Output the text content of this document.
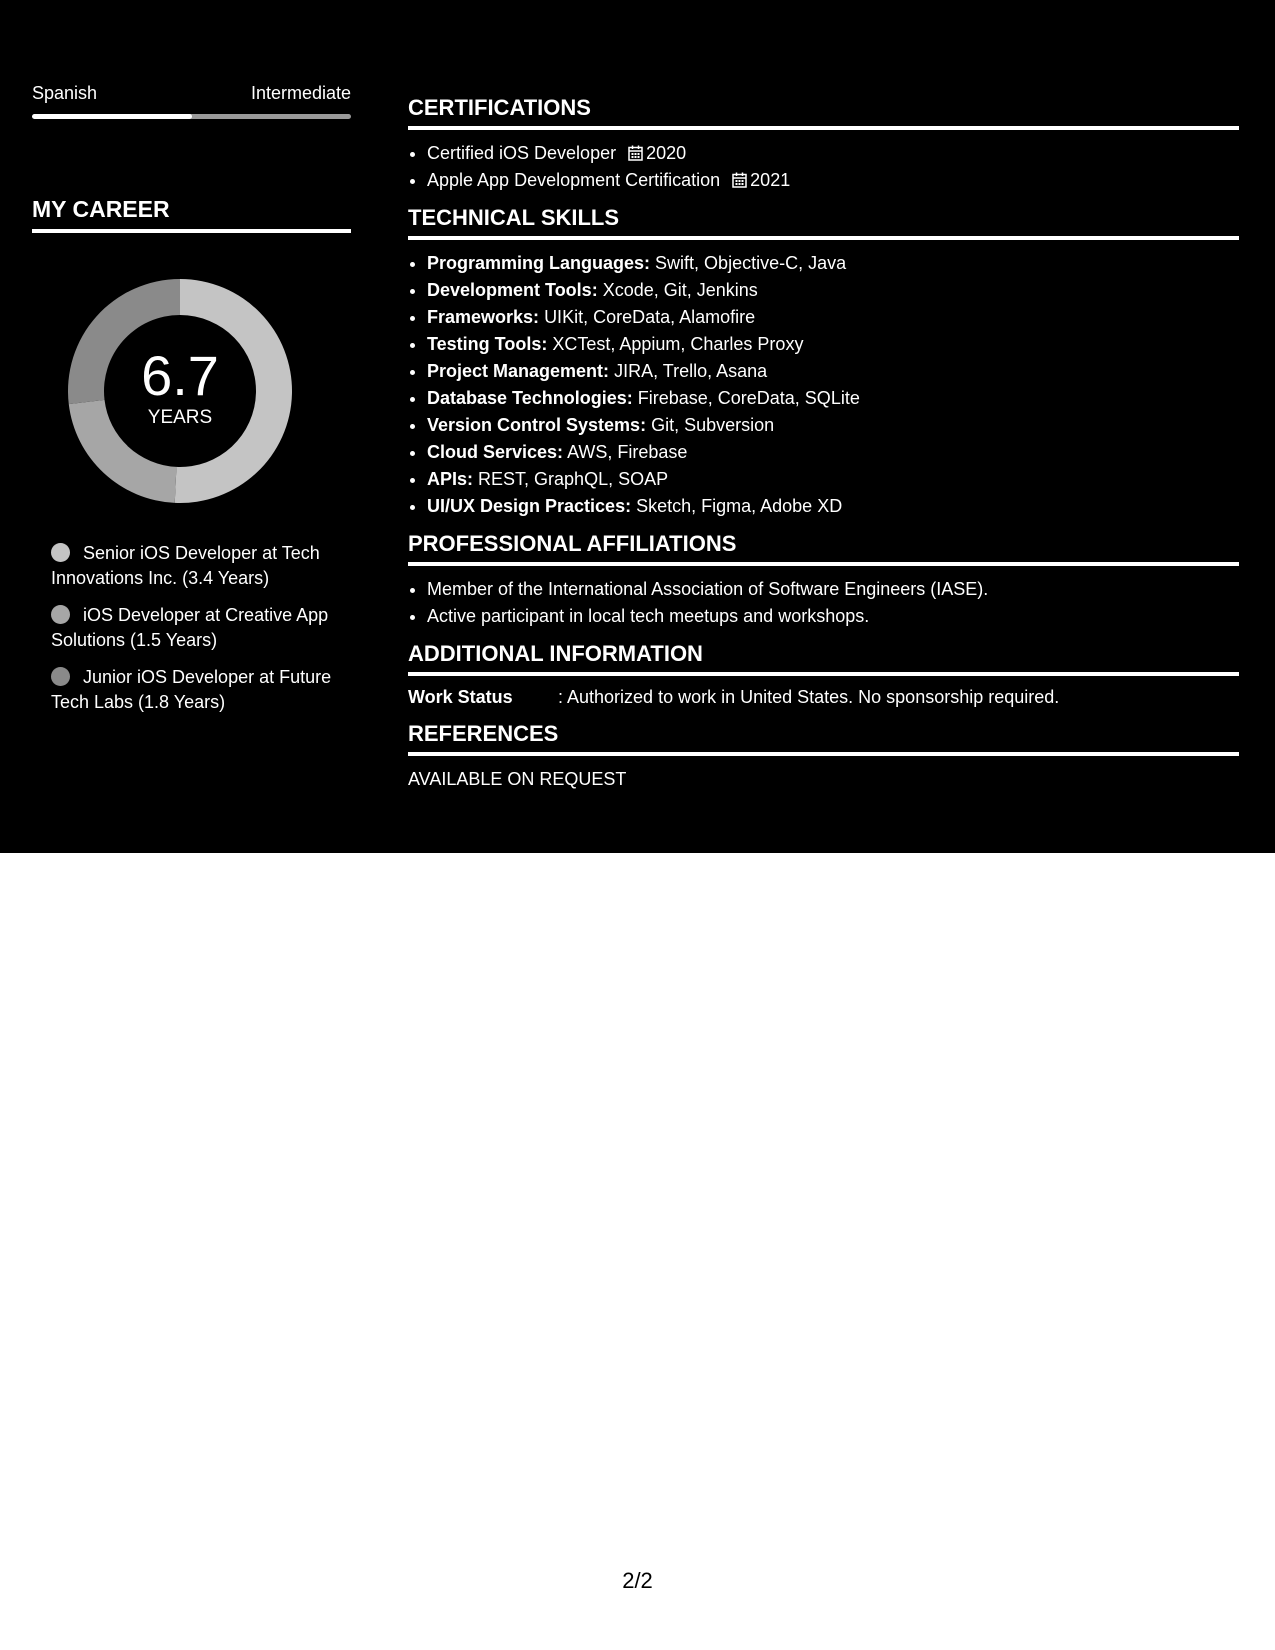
Spanish	Intermediate
MY CAREER
6.7
YEARS
Senior iOS Developer at Tech Innovations Inc. (3.4 Years)
iOS Developer at Creative App Solutions (1.5 Years)
Junior iOS Developer at Future Tech Labs (1.8 Years)
CERTIFICATIONS
• Certified iOS Developer 2020
• Apple App Development Certification 2021
TECHNICAL SKILLS
• Programming Languages: Swift, Objective-C, Java
• Development Tools: Xcode, Git, Jenkins
• Frameworks: UIKit, CoreData, Alamofire
• Testing Tools: XCTest, Appium, Charles Proxy
• Project Management: JIRA, Trello, Asana
• Database Technologies: Firebase, CoreData, SQLite
• Version Control Systems: Git, Subversion
• Cloud Services: AWS, Firebase
• APIs: REST, GraphQL, SOAP
• UI/UX Design Practices: Sketch, Figma, Adobe XD
PROFESSIONAL AFFILIATIONS
• Member of the International Association of Software Engineers (IASE).
• Active participant in local tech meetups and workshops.
ADDITIONAL INFORMATION
Work Status	: Authorized to work in United States. No sponsorship required.
REFERENCES
AVAILABLE ON REQUEST
2/2
